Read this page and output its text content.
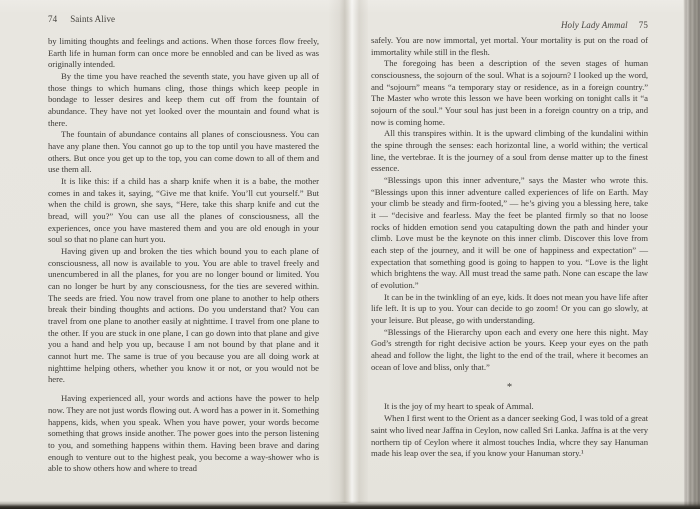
74 Saints Alive

by limiting thoughts and feelings and actions. When those forces flow freely, Earth life in human form can once more be ennobled and can be lived as was originally intended.

By the time you have reached the seventh state, you have given up all of those things to which humans cling, those things which keep people in bondage to lesser desires and keep them cut off from the fountain of abundance. They have not yet looked over the mountain and found what is there.

The fountain of abundance contains all planes of consciousness. You can have any plane then. You cannot go up to the top until you have mastered the others. But once you get up to the top, you can come down to all of them and use them all.

It is like this: if a child has a sharp knife when it is a babe, the mother comes in and takes it, saying, “Give me that knife. You’ll cut yourself.” But when the child is grown, she says, “Here, take this sharp knife and cut the bread, will you?” You can use all the planes of consciousness, all the experiences, once you have mastered them and you are old enough in your soul so that no plane can hurt you.

Having given up and broken the ties which bound you to each plane of consciousness, all now is available to you. You are able to travel freely and unencumbered in all the planes, for you are no longer bound or limited. You can no longer be hurt by any consciousness, for the ties are severed within. The seeds are fried. You now travel from one plane to another to help others break their binding thoughts and actions. Do you understand that? You can travel from one plane to another easily at nighttime. I travel from one plane to the other. If you are stuck in one plane, I can go down into that plane and give you a hand and help you up, because I am not bound by that plane and it cannot hurt me. The same is true of you because you are all doing work at nighttime helping others, whether you know it or not, or you would not be here.

Having experienced all, your words and actions have the power to help now. They are not just words flowing out. A word has a power in it. Something happens, kids, when you speak. When you have power, your words become something that grows inside another. The power goes into the person listening to you, and something happens within them. Having been brave and daring enough to venture out to the highest peak, you become a way-shower who is able to show others how and where to tread

Holy Lady Ammal 75

safely. You are now immortal, yet mortal. Your mortality is put on the road of immortality while still in the flesh.

The foregoing has been a description of the seven stages of human consciousness, the sojourn of the soul. What is a sojourn? I looked up the word, and “sojourn” means “a temporary stay or residence, as in a foreign country.” The Master who wrote this lesson we have been working on tonight calls it “a sojourn of the soul.” Your soul has just been in a foreign country on a trip, and now is coming home.

All this transpires within. It is the upward climbing of the kundalini within the spine through the senses: each horizontal line, a world within; the vertical line, the vertebrae. It is the journey of a soul from dense matter up to the finest essence.

“Blessings upon this inner adventure,” says the Master who wrote this. “Blessings upon this inner adventure called experiences of life on Earth. May your climb be steady and firm-footed,” — he’s giving you a blessing here, take it — “decisive and fearless. May the feet be planted firmly so that no loose rocks of hidden emotion send you catapulting down the path and hinder your climb. Love must be the keynote on this inner climb. Discover this love from each step of the journey, and it will be one of happiness and expectation” — expectation that something good is going to happen to you. “Love is the light which brightens the way. All must tread the same path. None can escape the law of evolution.”

It can be in the twinkling of an eye, kids. It does not mean you have life after life left. It is up to you. Your can decide to go zoom! Or you can go slowly, at your leisure. But please, go with understanding.

“Blessings of the Hierarchy upon each and every one here this night. May God’s strength for right decisive action be yours. Keep your eyes on the path ahead and follow the light, the light to the end of the trail, where it becomes an ocean of love and bliss, only that.”

*

It is the joy of my heart to speak of Ammal.

When I first went to the Orient as a dancer seeking God, I was told of a great saint who lived near Jaffna in Ceylon, now called Sri Lanka. Jaffna is at the very northern tip of Ceylon where it almost touches India, whcre they say Hanuman made his leap over the sea, if you know your Hanuman story.¹
